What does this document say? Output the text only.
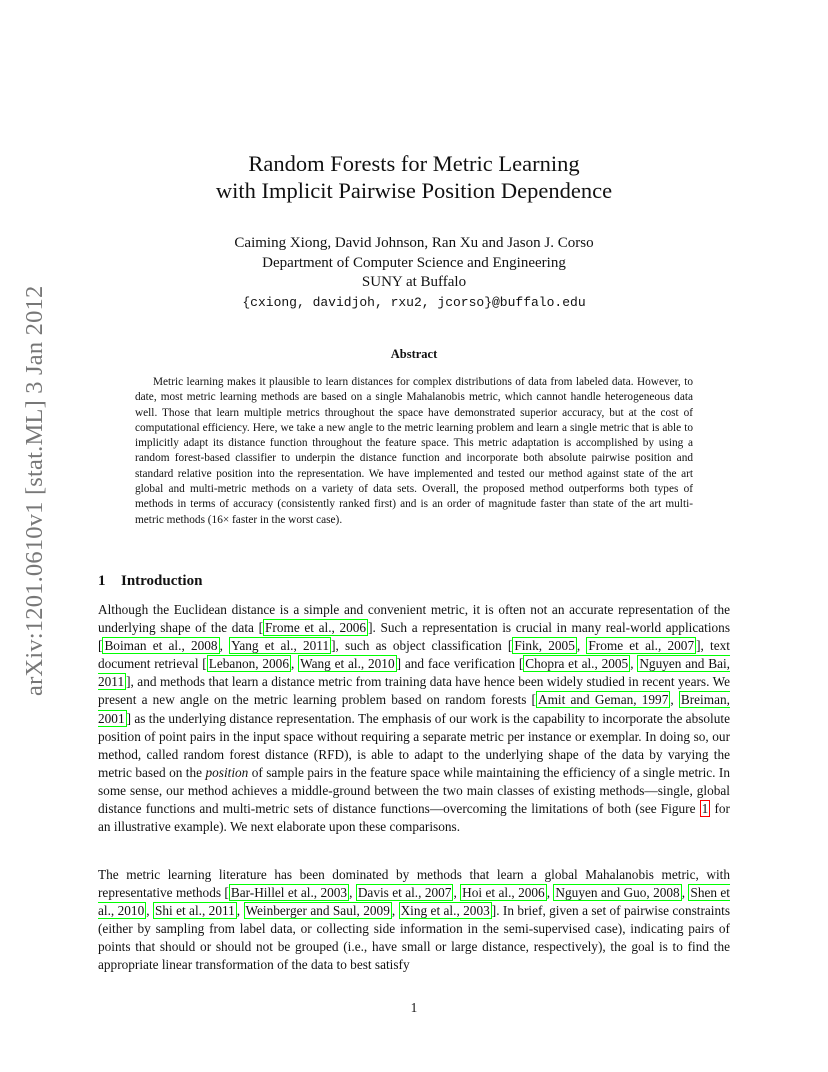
arXiv:1201.0610v1 [stat.ML] 3 Jan 2012
Random Forests for Metric Learning
with Implicit Pairwise Position Dependence
Caiming Xiong, David Johnson, Ran Xu and Jason J. Corso
Department of Computer Science and Engineering
SUNY at Buffalo
{cxiong, davidjoh, rxu2, jcorso}@buffalo.edu
Abstract

Metric learning makes it plausible to learn distances for complex distributions of data from labeled data. However, to date, most metric learning methods are based on a single Mahalanobis metric, which cannot handle heterogeneous data well. Those that learn multiple metrics throughout the space have demonstrated superior accuracy, but at the cost of computational efficiency. Here, we take a new angle to the metric learning problem and learn a single metric that is able to implicitly adapt its distance function throughout the feature space. This metric adaptation is accomplished by using a random forest-based classifier to underpin the distance function and incorporate both absolute pairwise position and standard relative position into the representation. We have implemented and tested our method against state of the art global and multi-metric methods on a variety of data sets. Overall, the proposed method outperforms both types of methods in terms of accuracy (consistently ranked first) and is an order of magnitude faster than state of the art multi-metric methods (16× faster in the worst case).

1 Introduction

Although the Euclidean distance is a simple and convenient metric, it is often not an accurate representation of the underlying shape of the data [ Frome et al., 2006 ]. Such a representation is crucial in many real-world applications [ Boiman et al., 2008 , Yang et al., 2011 ], such as object classification [ Fink, 2005 , Frome et al., 2007 ], text document retrieval [ Lebanon, 2006 , Wang et al., 2010 ] and face verification [ Chopra et al., 2005 , Nguyen and Bai, 2011 ], and methods that learn a distance metric from training data have hence been widely studied in recent years. We present a new angle on the metric learning problem based on random forests [ Amit and Geman, 1997 , Breiman, 2001 ] as the underlying distance representation. The emphasis of our work is the capability to incorporate the absolute position of point pairs in the input space without requiring a separate metric per instance or exemplar. In doing so, our method, called random forest distance (RFD), is able to adapt to the underlying shape of the data by varying the metric based on the position of sample pairs in the feature space while maintaining the efficiency of a single metric. In some sense, our method achieves a middle-ground between the two main classes of existing methods—single, global distance functions and multi-metric sets of distance functions—overcoming the limitations of both (see Figure 1 for an illustrative example). We next elaborate upon these comparisons.

The metric learning literature has been dominated by methods that learn a global Mahalanobis metric, with representative methods [ Bar-Hillel et al., 2003 , Davis et al., 2007 , Hoi et al., 2006 , Nguyen and Guo, 2008 , Shen et al., 2010 , Shi et al., 2011 , Weinberger and Saul, 2009 , Xing et al., 2003 ]. In brief, given a set of pairwise constraints (either by sampling from label data, or collecting side information in the semi-supervised case), indicating pairs of points that should or should not be grouped (i.e., have small or large distance, respectively), the goal is to find the appropriate linear transformation of the data to best satisfy

1
